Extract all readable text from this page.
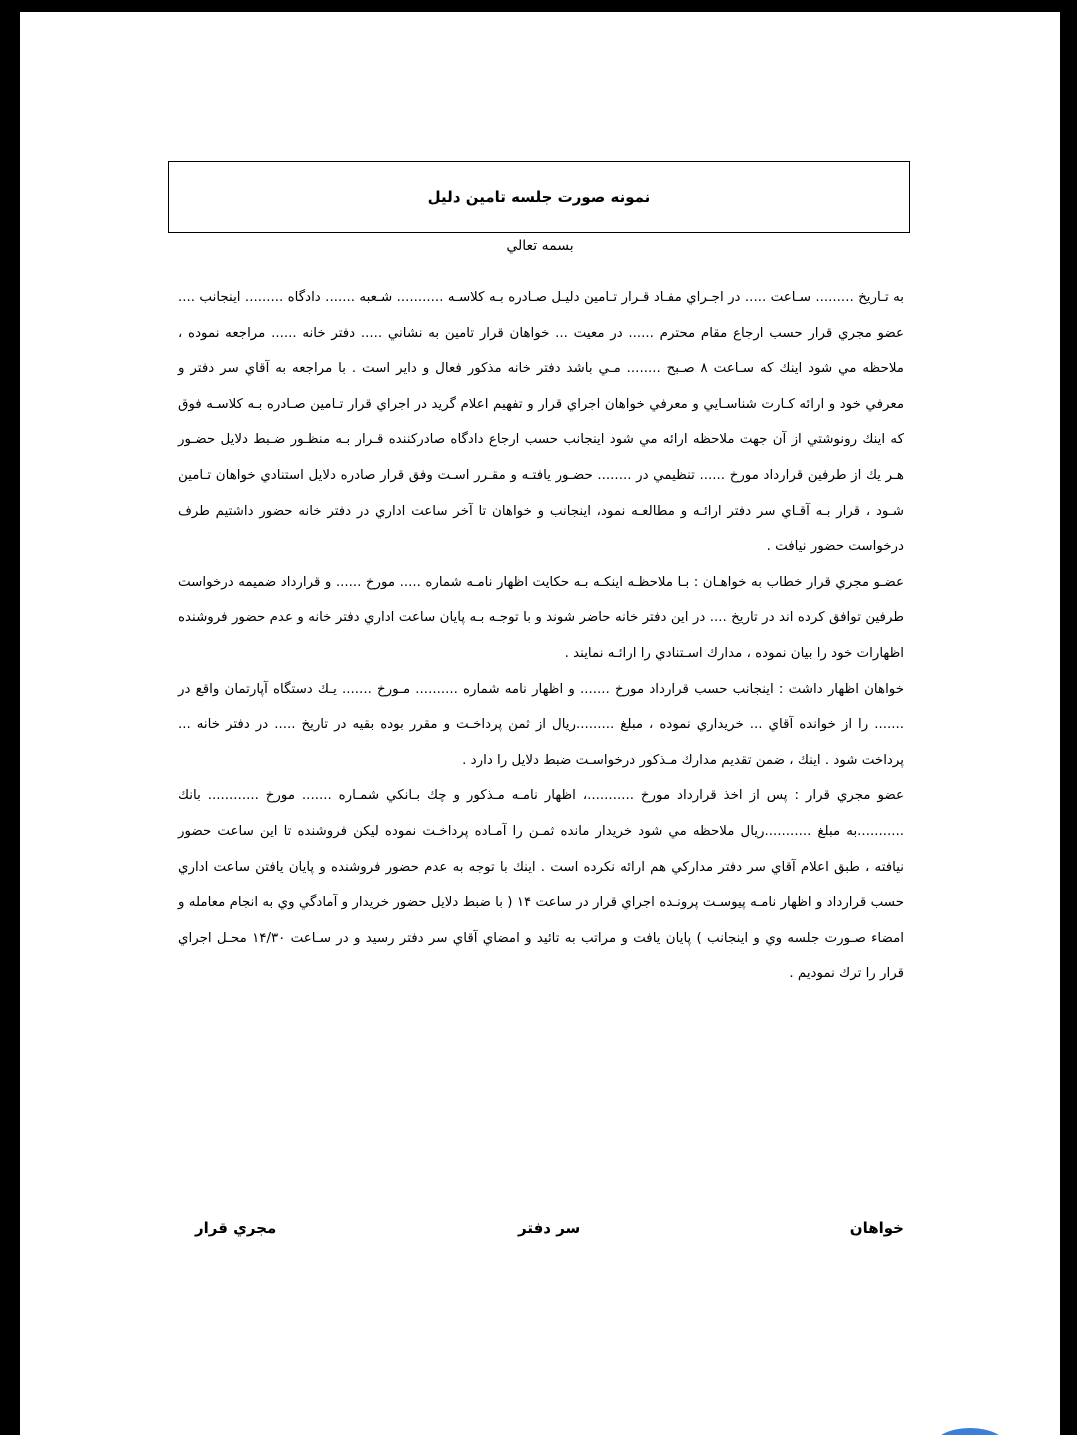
نمونه صورت جلسه تامين دليل
بسمه تعالي

به تـاريخ ......... سـاعت ..... در اجـراي مفـاد قـرار تـامين دليـل صـادره بـه كلاسـه ........... شـعبه ....... دادگاه ......... اينجانب .... عضو مجري قرار حسب ارجاع مقام محترم ...... در معيت ... خواهان قرار تامين به نشاني ..... دفتر خانه ...... مراجعه نموده ، ملاحظه مي شود اينك كه سـاعت ٨ صـبح ........ مـي باشد دفتر خانه مذكور فعال و داير است . با مراجعه به آقاي سر دفتر و معرفي خود و ارائه كـارت شناسـايي و معرفي خواهان اجراي قرار و تفهيم اعلام گريد در اجراي قرار تـامين صـادره بـه كلاسـه فوق كه اينك رونوشتي از آن جهت ملاحظه ارائه مي شود اينجانب حسب ارجاع دادگاه صادركننده قـرار بـه منظـور ضـبط دلايل حضـور هـر يك از طرفين قرارداد مورخ ...... تنظيمي در ........ حضـور يافتـه و مقـرر اسـت وفق قرار صادره دلايل استنادي خواهان تـامين شـود ، قرار بـه آقـاي سر دفتر ارائـه و مطالعـه نمود، اينجانب و خواهان تا آخر ساعت اداري در دفتر خانه حضور داشتيم طرف درخواست حضور نيافت .

عضـو مجري قرار خطاب به خواهـان : بـا ملاحظـه اينكـه بـه حكايت اظهار نامـه شماره ..... مورخ ...... و قرارداد ضميمه درخواست طرفين توافق كرده اند در تاريخ .... در اين دفتر خانه حاضر شوند و با توجـه بـه پايان ساعت اداري دفتر خانه و عدم حضور فروشنده اظهارات خود را بيان نموده ، مدارك اسـتنادي را ارائـه نمايند .

خواهان اظهار داشت : اينجانب حسب قرارداد مورخ ....... و اظهار نامه شماره .......... مـورخ ....... يـك دستگاه آپارتمان واقع در ....... را از خوانده آقاي ... خريداري نموده ، مبلغ .........ريال از ثمن پرداخـت و مقرر بوده بقيه در تاريخ ..... در دفتر خانه ... پرداخت شود . اينك ، ضمن تقديم مدارك مـذكور درخواسـت ضبط دلايل را دارد .

عضو مجري قرار : پس از اخذ قرارداد مورخ ...........، اظهار نامـه مـذكور و چك بـانكي شمـاره ....... مورخ ............ بانك ...........به مبلغ ...........ريال ملاحظه مي شود خريدار مانده ثمـن را آمـاده پرداخـت نموده ليكن فروشنده تا اين ساعت حضور نيافته ، طبق اعلام آقاي سر دفتر مداركي هم ارائه نكرده است . اينك با توجه به عدم حضور فروشنده و پايان يافتن ساعت اداري حسب قرارداد و اظهار نامـه پيوسـت پرونـده اجراي قرار در ساعت ١۴ ( با ضبط دلايل حضور خريدار و آمادگي وي به انجام معامله و امضاء صـورت جلسه وي و اينجانب ) پايان يافت و مراتب به تائيد و امضاي آقاي سر دفتر رسيد و در سـاعت ١۴/٣٠ محـل اجراي قرار را ترك نموديم .

خواهان
سر دفتر
مجري قرار
